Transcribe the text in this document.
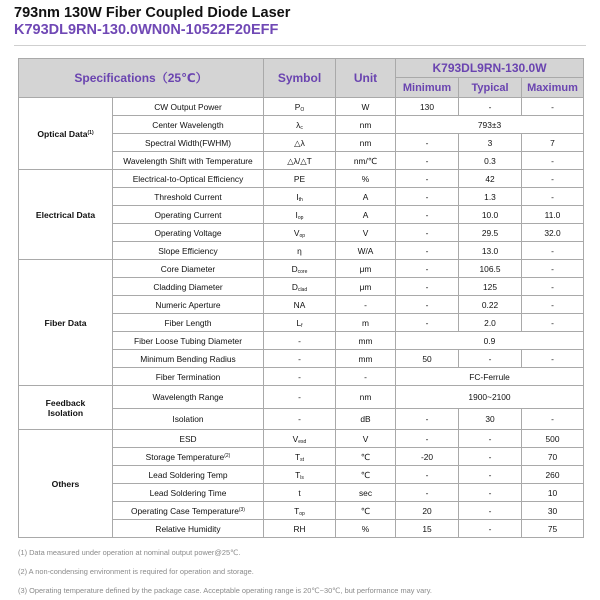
793nm 130W Fiber Coupled Diode Laser
K793DL9RN-130.0WN0N-10522F20EFF
Specifications（25℃）		Symbol	Unit	K793DL9RN-130.0W		
				Minimum	Typical	Maximum
Optical Data$^{(1)}$	CW Output Power	$P_O$	W	130	-	-
	Center Wavelength	$\lambda_c$	nm	793±3		
	Spectral Width(FWHM)	△λ	nm	-	3	7
	Wavelength Shift with Temperature	△λ/△T	nm/℃	-	0.3	-
Electrical Data	Electrical-to-Optical Efficiency	PE	%	-	42	-
	Threshold Current	$I_{th}$	A	-	1.3	-
	Operating Current	$I_{op}$	A	-	10.0	11.0
	Operating Voltage	$V_{op}$	V	-	29.5	32.0
	Slope Efficiency	η	W/A	-	13.0	-
Fiber Data	Core Diameter	$D_{core}$	μm	-	106.5	-
	Cladding Diameter	$D_{clad}$	μm	-	125	-
	Numeric Aperture	NA	-	-	0.22	-
	Fiber Length	$L_f$	m	-	2.0	-
	Fiber Loose Tubing Diameter	-	mm	0.9		
	Minimum Bending Radius	-	mm	50	-	-
	Fiber Termination	-	-	FC-Ferrule		
Feedback	Wavelength Range	-	nm	1900~2100		
Isolation	Isolation	-	dB	-	30	-
Others	ESD	$V_{esd}$	V	-	-	500
	Storage Temperature$^{(2)}$	$T_{st}$	℃	-20	-	70
	Lead Soldering Temp	$T_{ls}$	℃	-	-	260
	Lead Soldering Time	t	sec	-	-	10
	Operating Case Temperature$^{(3)}$	$T_{op}$	℃	20	-	30
	Relative Humidity	RH	%	15	-	75
(1) Data measured under operation at nominal output power@25℃.
(2) A non-condensing environment is required for operation and storage.
(3) Operating temperature defined by the package case. Acceptable operating range is 20℃~30℃, but performance may vary.
